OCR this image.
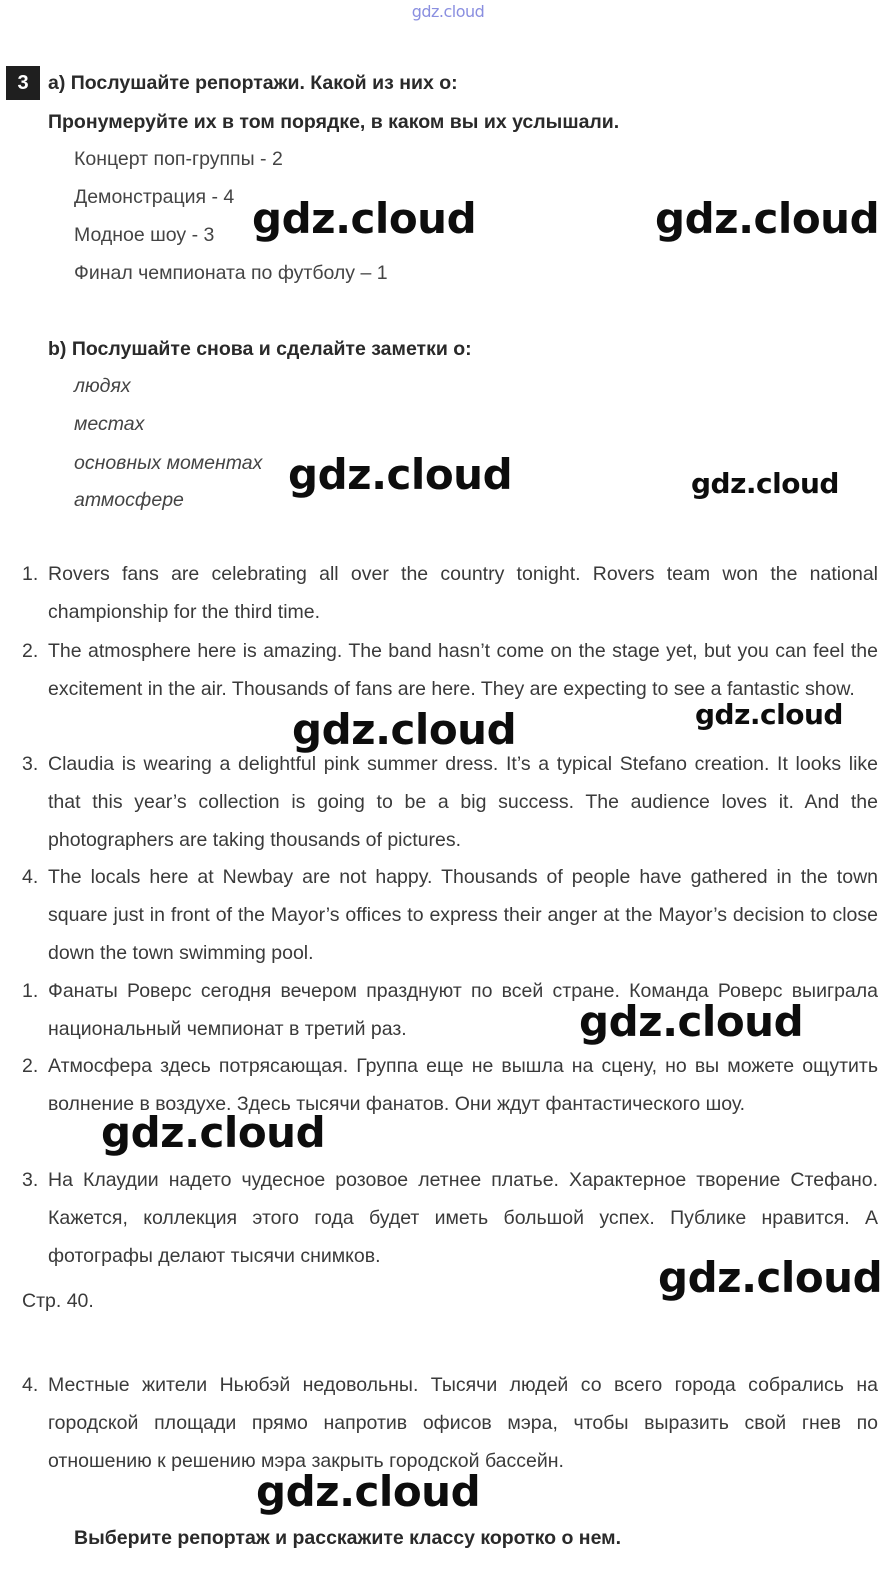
gdz.cloud
3 a) Послушайте репортажи. Какой из них о:
Пронумеруйте их в том порядке, в каком вы их услышали.
Концерт поп-группы - 2
Демонстрация - 4
Модное шоу - 3
Финал чемпионата по футболу – 1
b) Послушайте снова и сделайте заметки о:
людях
местах
основных моментах
атмосфере
1. Rovers fans are celebrating all over the country tonight. Rovers team won the national championship for the third time.
2. The atmosphere here is amazing. The band hasn’t come on the stage yet, but you can feel the excitement in the air. Thousands of fans are here. They are expecting to see a fantastic show.
3. Claudia is wearing a delightful pink summer dress. It’s a typical Stefano creation. It looks like that this year’s collection is going to be a big success. The audience loves it. And the photographers are taking thousands of pictures.
4. The locals here at Newbay are not happy. Thousands of people have gathered in the town square just in front of the Mayor’s offices to express their anger at the Mayor’s decision to close down the town swimming pool.
1. Фанаты Роверс сегодня вечером празднуют по всей стране. Команда Роверс выиграла национальный чемпионат в третий раз.
2. Атмосфера здесь потрясающая. Группа еще не вышла на сцену, но вы можете ощутить волнение в воздухе. Здесь тысячи фанатов. Они ждут фантастического шоу.
3. На Клаудии надето чудесное розовое летнее платье. Характерное творение Стефано. Кажется, коллекция этого года будет иметь большой успех. Публике нравится. А фотографы делают тысячи снимков.
Стр. 40.
4. Местные жители Ньюбэй недовольны. Тысячи людей со всего города собрались на городской площади прямо напротив офисов мэра, чтобы выразить свой гнев по отношению к решению мэра закрыть городской бассейн.
Выберите репортаж и расскажите классу коротко о нем.
gdz.cloud	gdz.cloud
gdz.cloud	gdz.cloud
gdz.cloud	gdz.cloud
gdz.cloud
gdz.cloud
gdz.cloud
gdz.cloud
